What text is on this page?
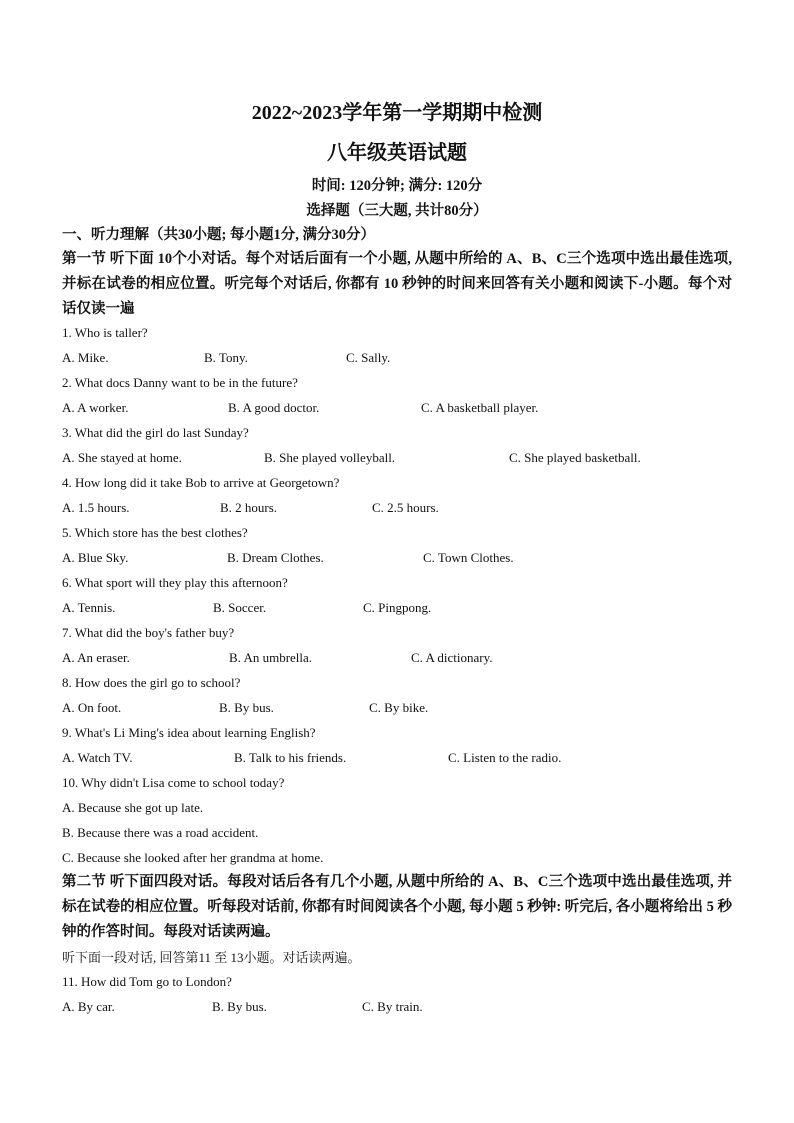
2022~2023学年第一学期期中检测
八年级英语试题
时间: 120分钟; 满分: 120分
选择题（三大题, 共计80分）
一、听力理解（共30小题; 每小题1分, 满分30分）
第一节 听下面 10个小对话。每个对话后面有一个小题, 从题中所给的 A、B、C三个选项中选出最佳选项, 并标在试卷的相应位置。听完每个对话后, 你都有 10 秒钟的时间来回答有关小题和阅读下-小题。每个对话仅读一遍
1. Who is taller?
A. Mike.	B. Tony.	C. Sally.
2. What docs Danny want to be in the future?
A. A worker.	B. A good doctor.	C. A basketball player.
3. What did the girl do last Sunday?
A. She stayed at home.	B. She played volleyball.	C. She played basketball.
4. How long did it take Bob to arrive at Georgetown?
A. 1.5 hours.	B. 2 hours.	C. 2.5 hours.
5. Which store has the best clothes?
A. Blue Sky.	B. Dream Clothes.	C. Town Clothes.
6. What sport will they play this afternoon?
A. Tennis.	B. Soccer.	C. Pingpong.
7. What did the boy's father buy?
A. An eraser.	B. An umbrella.	C. A dictionary.
8. How does the girl go to school?
A. On foot.	B. By bus.	C. By bike.
9. What's Li Ming's idea about learning English?
A. Watch TV.	B. Talk to his friends.	C. Listen to the radio.
10. Why didn't Lisa come to school today?
A. Because she got up late.
B. Because there was a road accident.
C. Because she looked after her grandma at home.
第二节 听下面四段对话。每段对话后各有几个小题, 从题中所给的 A、B、C三个选项中选出最佳选项, 并标在试卷的相应位置。听每段对话前, 你都有时间阅读各个小题, 每小题 5 秒钟: 听完后, 各小题将给出 5 秒钟的作答时间。每段对话读两遍。
听下面一段对话, 回答第11 至 13小题。对话读两遍。
11. How did Tom go to London?
A. By car.	B. By bus.	C. By train.
